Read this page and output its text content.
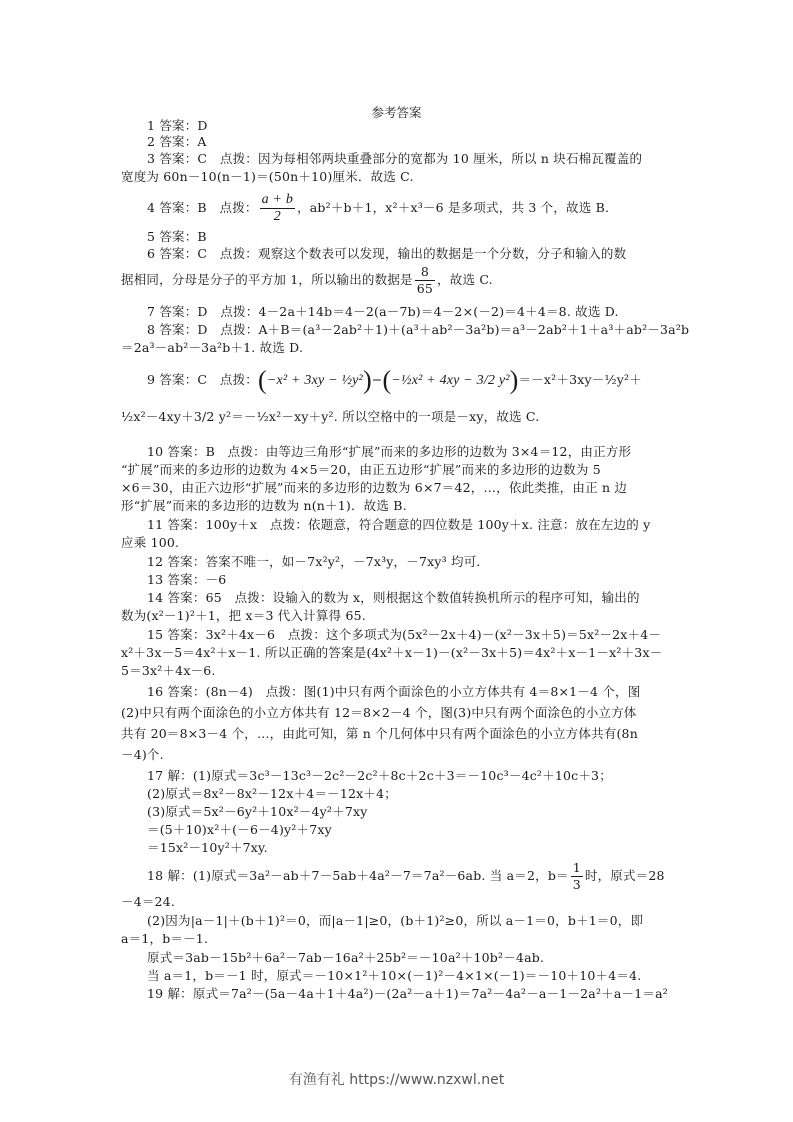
参考答案
1 答案：D
2 答案：A
3 答案：C　点拨：因为每相邻两块重叠部分的宽都为 10 厘米，所以 n 块石棉瓦覆盖的
宽度为 60n－10(n－1)＝(50n＋10)厘米．故选 C.
4 答案：B　点拨： $\frac{a + b}{2}$ ，ab²＋b＋1，x²＋x³－6 是多项式，共 3 个，故选 B.
5 答案：B
6 答案：C　点拨：观察这个数表可以发现，输出的数据是一个分数，分子和输入的数
据相同，分母是分子的平方加 1，所以输出的数据是 $\frac{8}{65}$ ，故选 C.
7 答案：D　点拨：4－2a＋14b＝4－2(a－7b)＝4－2×(－2)＝4＋4＝8. 故选 D.
8 答案：D　点拨：A＋B＝(a³－2ab²＋1)＋(a³＋ab²－3a²b)＝a³－2ab²＋1＋a³＋ab²－3a²b
＝2a³－ab²－3a²b＋1. 故选 D.
9 答案：C　点拨：(−x² + 3xy − ½y²)−(−½x² + 4xy − 3/2 y²)＝－x²＋3xy－½y²＋
½x²－4xy＋3/2 y²＝－½x²－xy＋y². 所以空格中的一项是－xy，故选 C.
10 答案：B　点拨：由等边三角形“扩展”而来的多边形的边数为 3×4＝12，由正方形
“扩展”而来的多边形的边数为 4×5＝20，由正五边形“扩展”而来的多边形的边数为 5
×6＝30，由正六边形“扩展”而来的多边形的边数为 6×7＝42，…，依此类推，由正 n 边
形“扩展”而来的多边形的边数为 n(n＋1)．故选 B.
11 答案：100y＋x　点拨：依题意，符合题意的四位数是 100y＋x. 注意：放在左边的 y
应乘 100.
12 答案：答案不唯一，如－7x²y²，－7x³y，－7xy³ 均可．
13 答案：－6
14 答案：65　点拨：设输入的数为 x，则根据这个数值转换机所示的程序可知，输出的
数为(x²－1)²＋1，把 x＝3 代入计算得 65.
15 答案：3x²＋4x－6　点拨：这个多项式为(5x²－2x＋4)－(x²－3x＋5)＝5x²－2x＋4－
x²＋3x－5＝4x²＋x－1. 所以正确的答案是(4x²＋x－1)－(x²－3x＋5)＝4x²＋x－1－x²＋3x－
5＝3x²＋4x－6.
16 答案：(8n－4)　点拨：图(1)中只有两个面涂色的小立方体共有 4＝8×1－4 个，图
(2)中只有两个面涂色的小立方体共有 12＝8×2－4 个，图(3)中只有两个面涂色的小立方体
共有 20＝8×3－4 个，…，由此可知，第 n 个几何体中只有两个面涂色的小立方体共有(8n
－4)个.
17 解：(1)原式＝3c³－13c³－2c²－2c²＋8c＋2c＋3＝－10c³－4c²＋10c＋3；
(2)原式＝8x²－8x²－12x＋4＝－12x＋4；
(3)原式＝5x²－6y²＋10x²－4y²＋7xy
＝(5＋10)x²＋(－6－4)y²＋7xy
＝15x²－10y²＋7xy.
18 解：(1)原式＝3a²－ab＋7－5ab＋4a²－7＝7a²－6ab. 当 a＝2，$b= \frac{1}{3}$ 时，原式＝28
－4＝24.
(2)因为|a－1|＋(b＋1)²＝0，而|a－1|≥0，(b＋1)²≥0，所以 a－1＝0，b＋1＝0，即
a＝1，b＝－1.
原式＝3ab－15b²＋6a²－7ab－16a²＋25b²＝－10a²＋10b²－4ab.
当 a＝1，b＝－1 时，原式＝－10×1²＋10×(－1)²－4×1×(－1)＝－10＋10＋4＝4.
19 解：原式＝7a²－(5a－4a＋1＋4a²)－(2a²－a＋1)＝7a²－4a²－a－1－2a²＋a－1＝a²
有渔有礼 https://www.nzxwl.net
